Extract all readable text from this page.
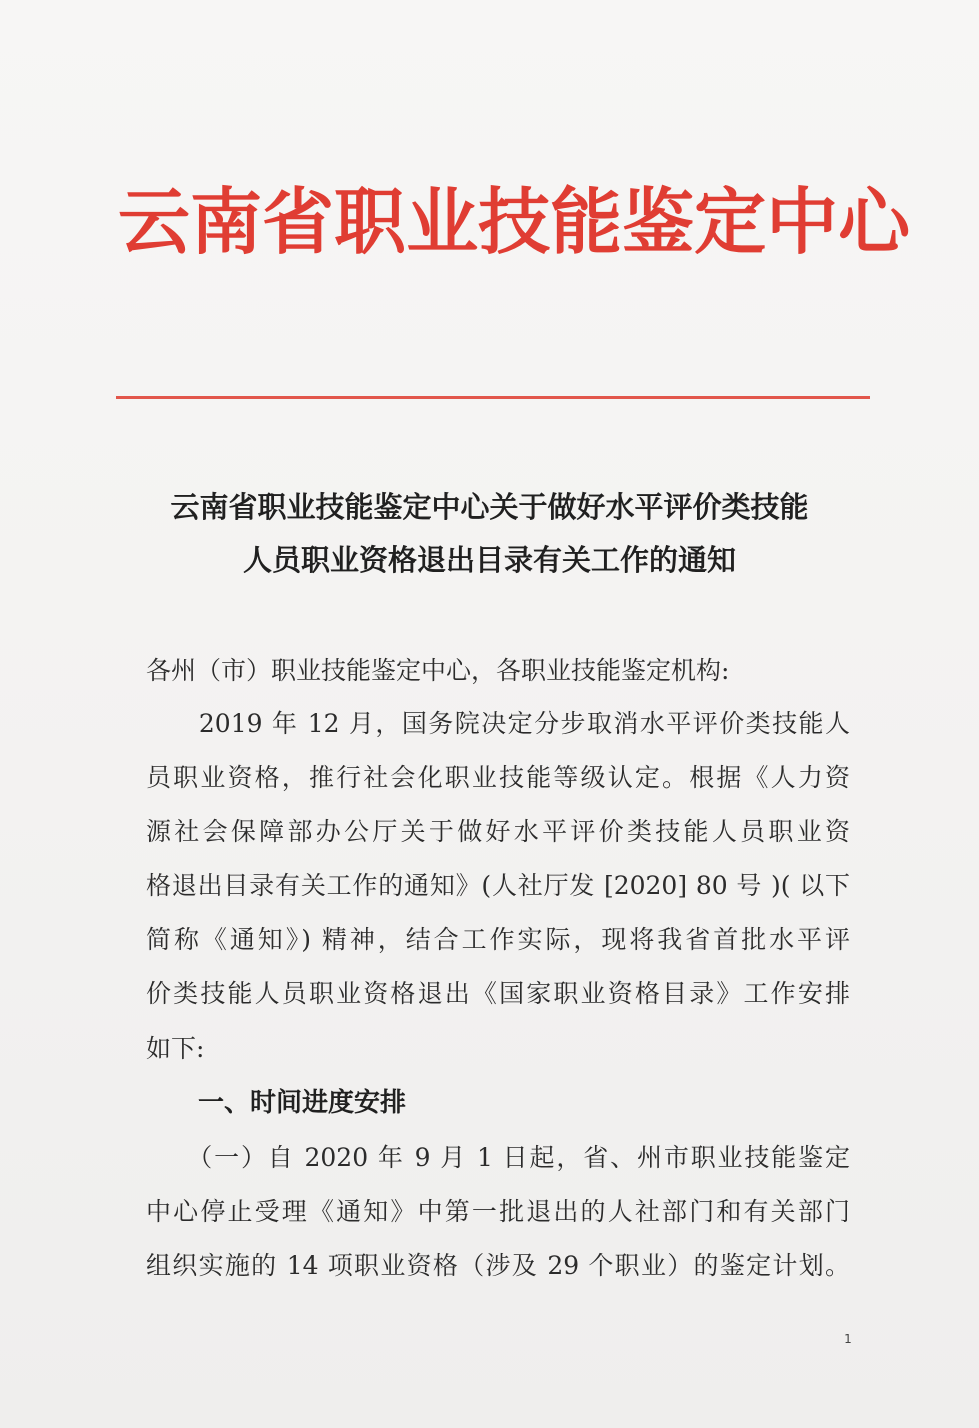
云 南 省 职 业 技 能 鉴 定 中 心
云南省职业技能鉴定中心关于做好水平评价类技能
人员职业资格退出目录有关工作的通知
各州（市）职业技能鉴定中心，各职业技能鉴定机构:
　　2019 年 12 月，国务院决定分步取消水平评价类技能人
员职业资格，推行社会化职业技能等级认定。根据《人力资
源社会保障部办公厅关于做好水平评价类技能人员职业资
格退出目录有关工作的通知》(人社厅发 [2020] 80 号 )( 以下
简称《通知》) 精神，结合工作实际，现将我省首批水平评
价类技能人员职业资格退出《国家职业资格目录》工作安排
如下:
　　一、时间进度安排
　　（一）自 2020 年 9 月 1 日起，省、州市职业技能鉴定
中心停止受理《通知》中第一批退出的人社部门和有关部门
组织实施的 14 项职业资格（涉及 29 个职业）的鉴定计划。
1
